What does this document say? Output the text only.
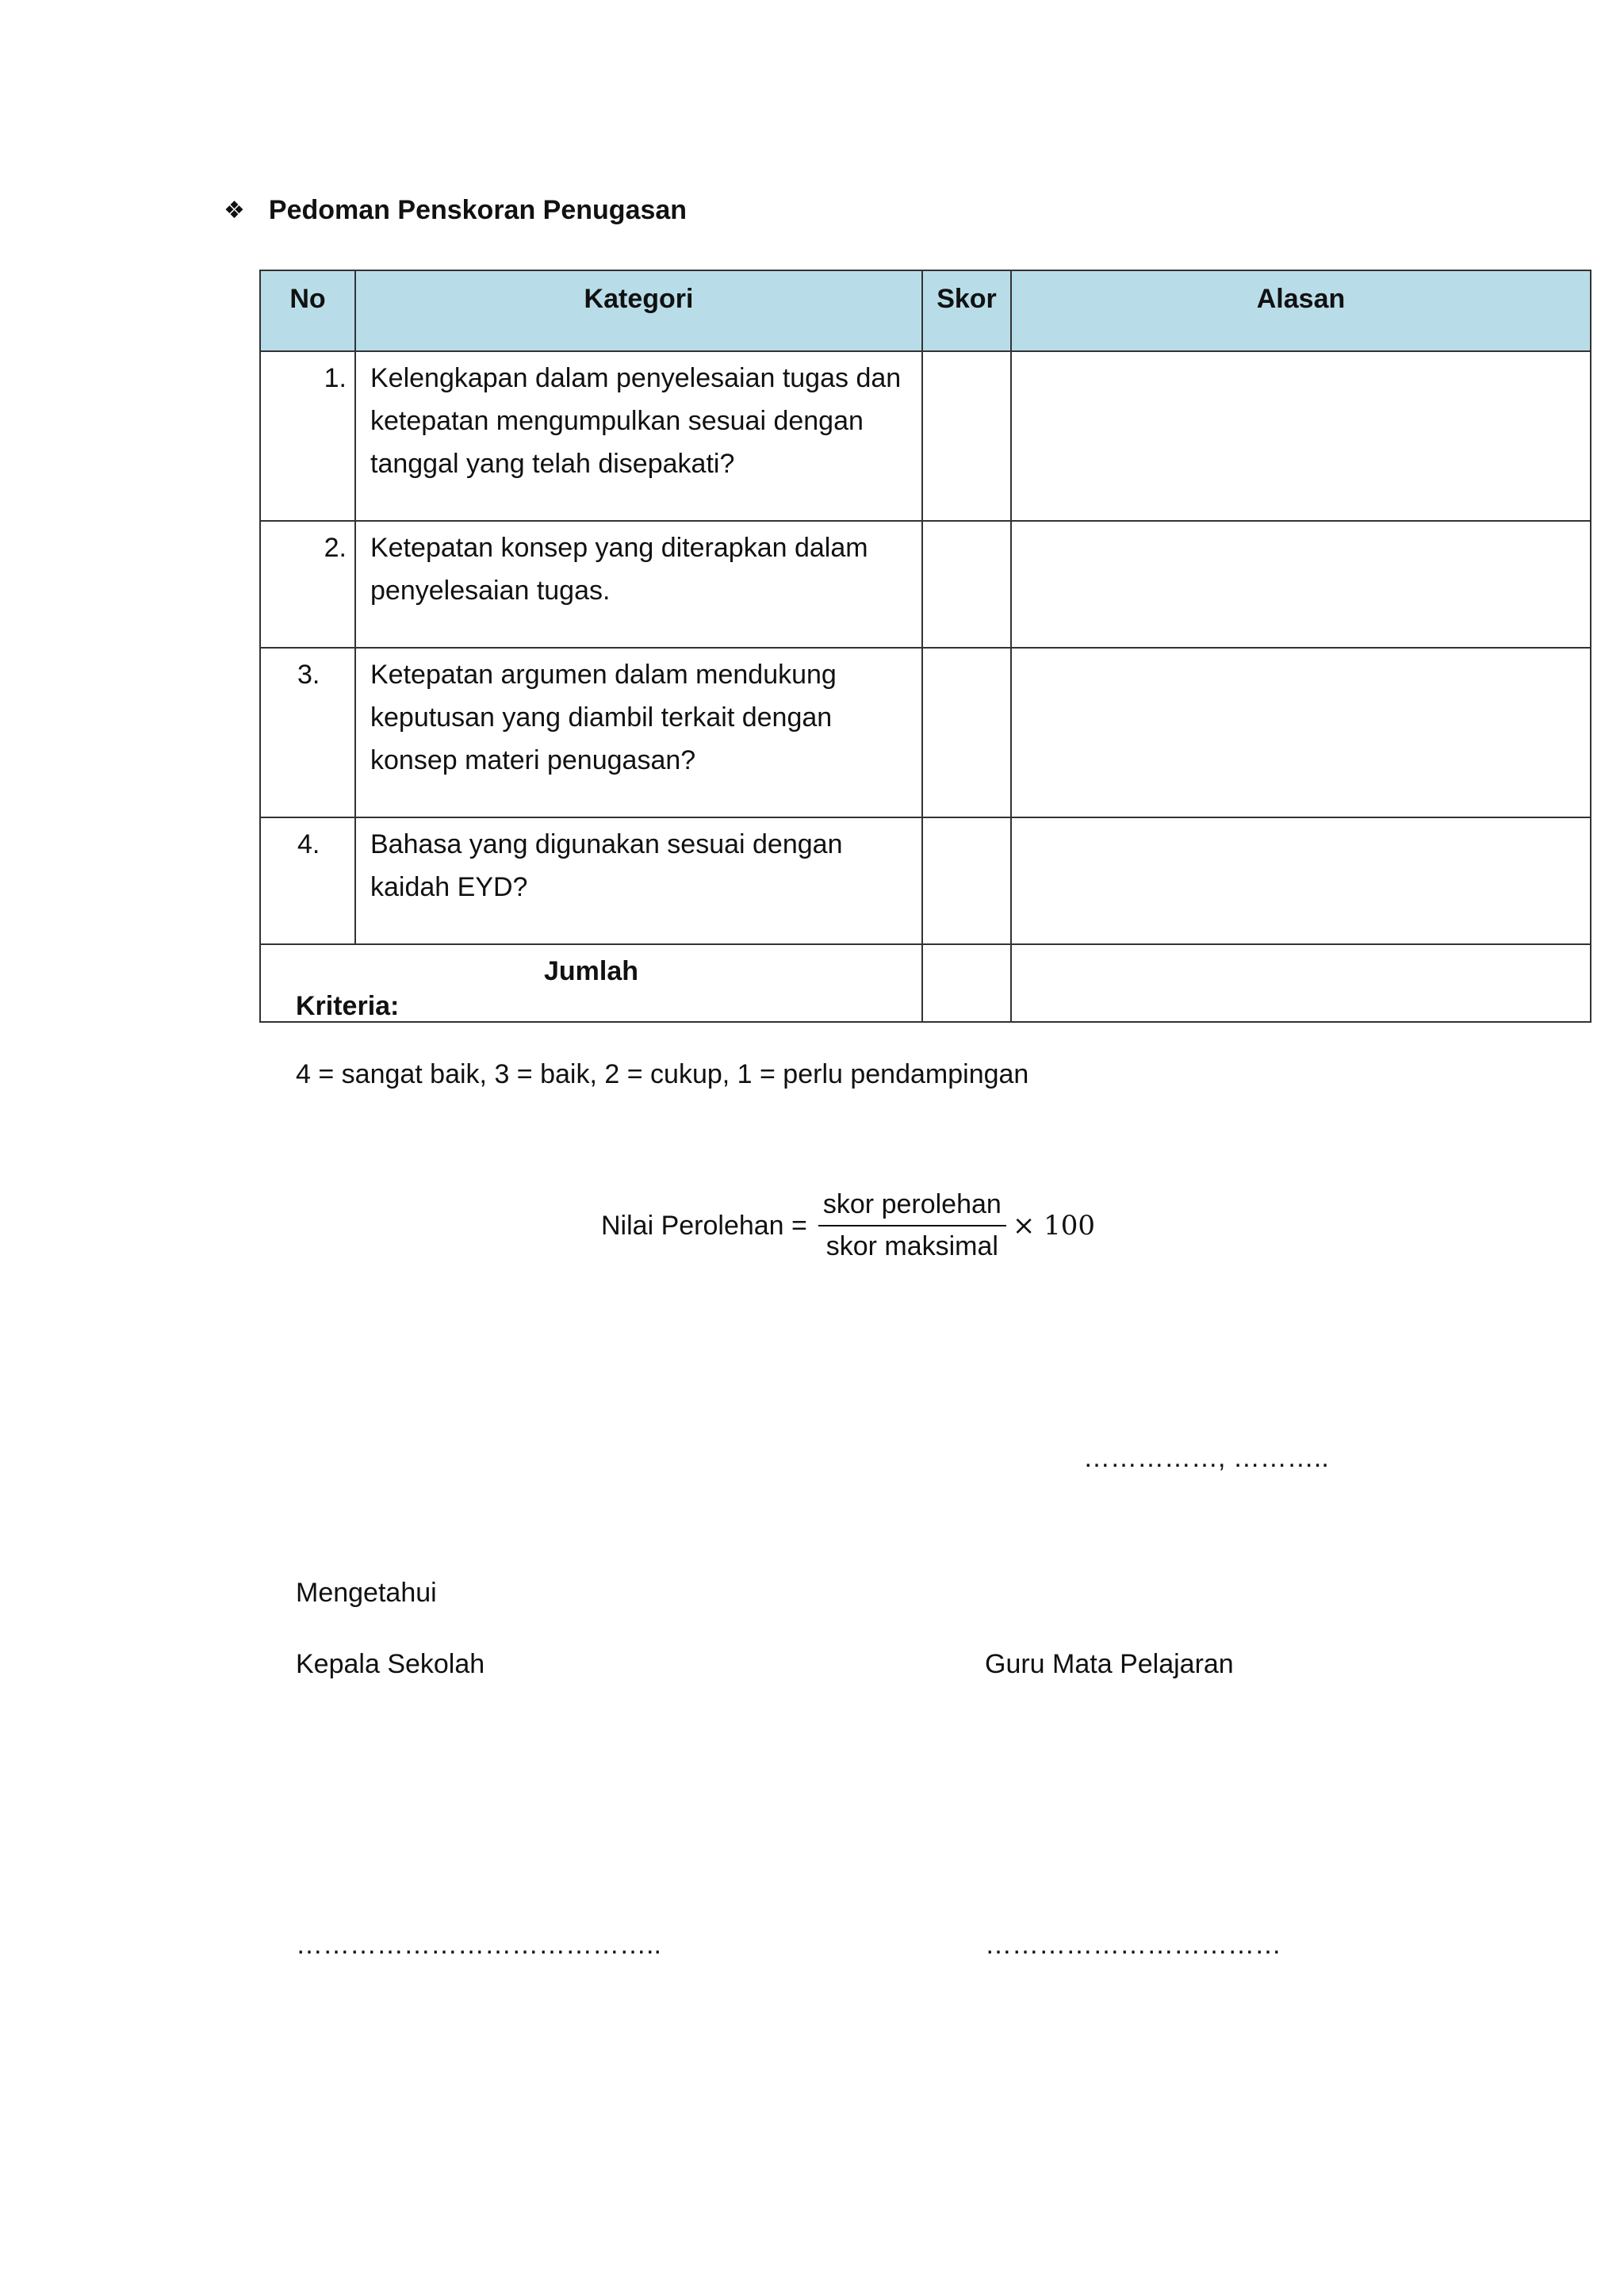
❖ Pedoman Penskoran Penugasan
No	Kategori	Skor	Alasan
1.	Kelengkapan dalam penyelesaian tugas dan ketepatan mengumpulkan sesuai dengan tanggal yang telah disepakati?		
2.	Ketepatan konsep yang diterapkan dalam penyelesaian tugas.		
3.	Ketepatan argumen dalam mendukung keputusan yang diambil terkait dengan konsep materi penugasan?		
4.	Bahasa yang digunakan sesuai dengan kaidah EYD?		
Jumlah			
Kriteria:
4 = sangat baik, 3 = baik, 2 = cukup, 1 = perlu pendampingan
Nilai Perolehan = $\frac{\text{skor perolehan}}{\text{skor maksimal}} \times 100$
……………, ………..
Mengetahui
Kepala Sekolah	Guru Mata Pelajaran
…………………………………..	……………………………
